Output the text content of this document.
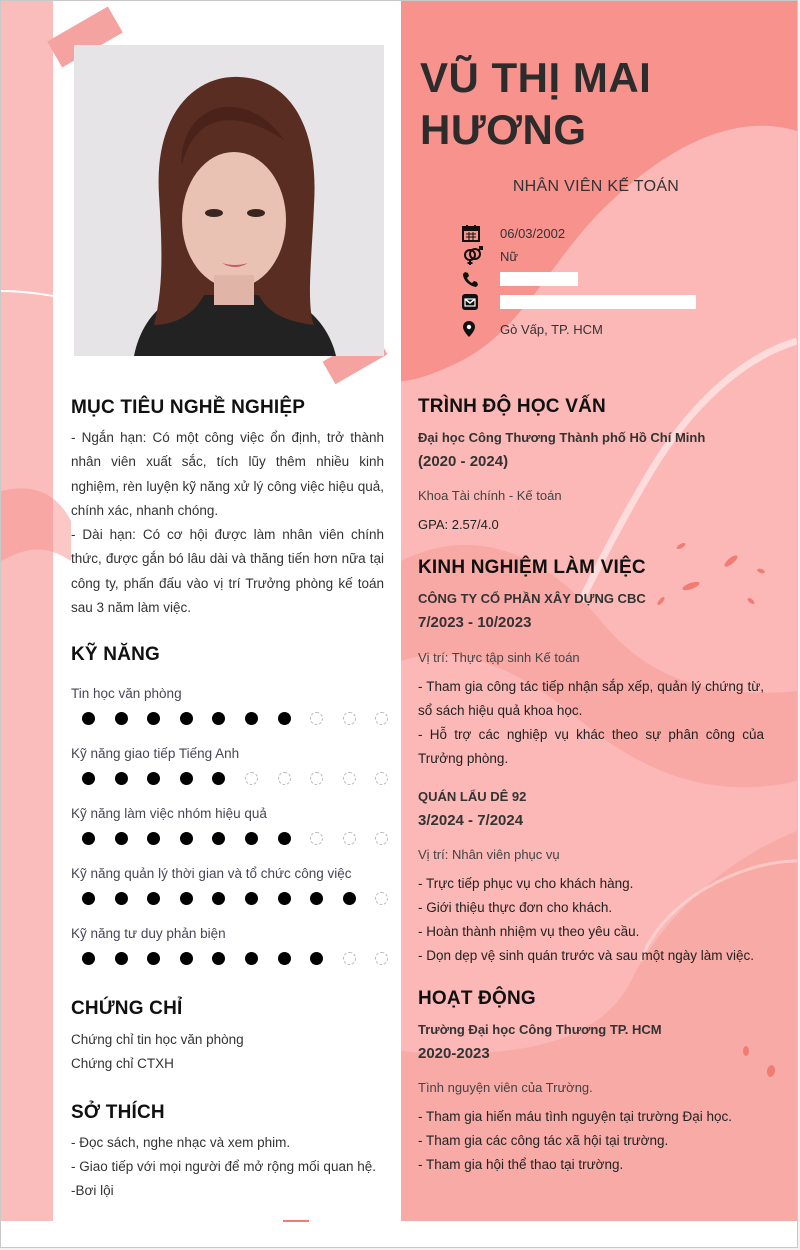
VŨ THỊ MAI
HƯƠNG
NHÂN VIÊN KẾ TOÁN
06/03/2002
Nữ
Gò Vấp, TP. HCM
MỤC TIÊU NGHỀ NGHIỆP

- Ngắn hạn: Có một công việc ổn định, trở thành nhân viên xuất sắc, tích lũy thêm nhiều kinh nghiệm, rèn luyện kỹ năng xử lý công việc hiệu quả, chính xác, nhanh chóng.

- Dài hạn: Có cơ hội được làm nhân viên chính thức, được gắn bó lâu dài và thăng tiến hơn nữa tại công ty, phấn đấu vào vị trí Trưởng phòng kế toán sau 3 năm làm việc.

KỸ NĂNG
Tin học văn phòng
Kỹ năng giao tiếp Tiếng Anh
Kỹ năng làm việc nhóm hiệu quả
Kỹ năng quản lý thời gian và tổ chức công việc
Kỹ năng tư duy phản biện
CHỨNG CHỈ
Chứng chỉ tin học văn phòng
Chứng chỉ CTXH
SỞ THÍCH
- Đọc sách, nghe nhạc và xem phim.
- Giao tiếp với mọi người để mở rộng mối quan hệ.
-Bơi lội
TRÌNH ĐỘ HỌC VẤN
Đại học Công Thương Thành phố Hồ Chí Minh
(2020 - 2024)
Khoa Tài chính - Kế toán
GPA: 2.57/4.0
KINH NGHIỆM LÀM VIỆC
CÔNG TY CỔ PHẦN XÂY DỰNG CBC
7/2023 - 10/2023
Vị trí: Thực tập sinh Kế toán

- Tham gia công tác tiếp nhận sắp xếp, quản lý chứng từ, sổ sách hiệu quả khoa học.

- Hỗ trợ các nghiệp vụ khác theo sự phân công của Trưởng phòng.

QUÁN LẨU DÊ 92
3/2024 - 7/2024
Vị trí: Nhân viên phục vụ

- Trực tiếp phục vụ cho khách hàng.

- Giới thiệu thực đơn cho khách.

- Hoàn thành nhiệm vụ theo yêu cầu.

- Dọn dẹp vệ sinh quán trước và sau một ngày làm việc.

HOẠT ĐỘNG
Trường Đại học Công Thương TP. HCM
2020-2023
Tình nguyện viên của Trường.

- Tham gia hiến máu tình nguyện tại trường Đại học.

- Tham gia các công tác xã hội tại trường.

- Tham gia hội thể thao tại trường.
